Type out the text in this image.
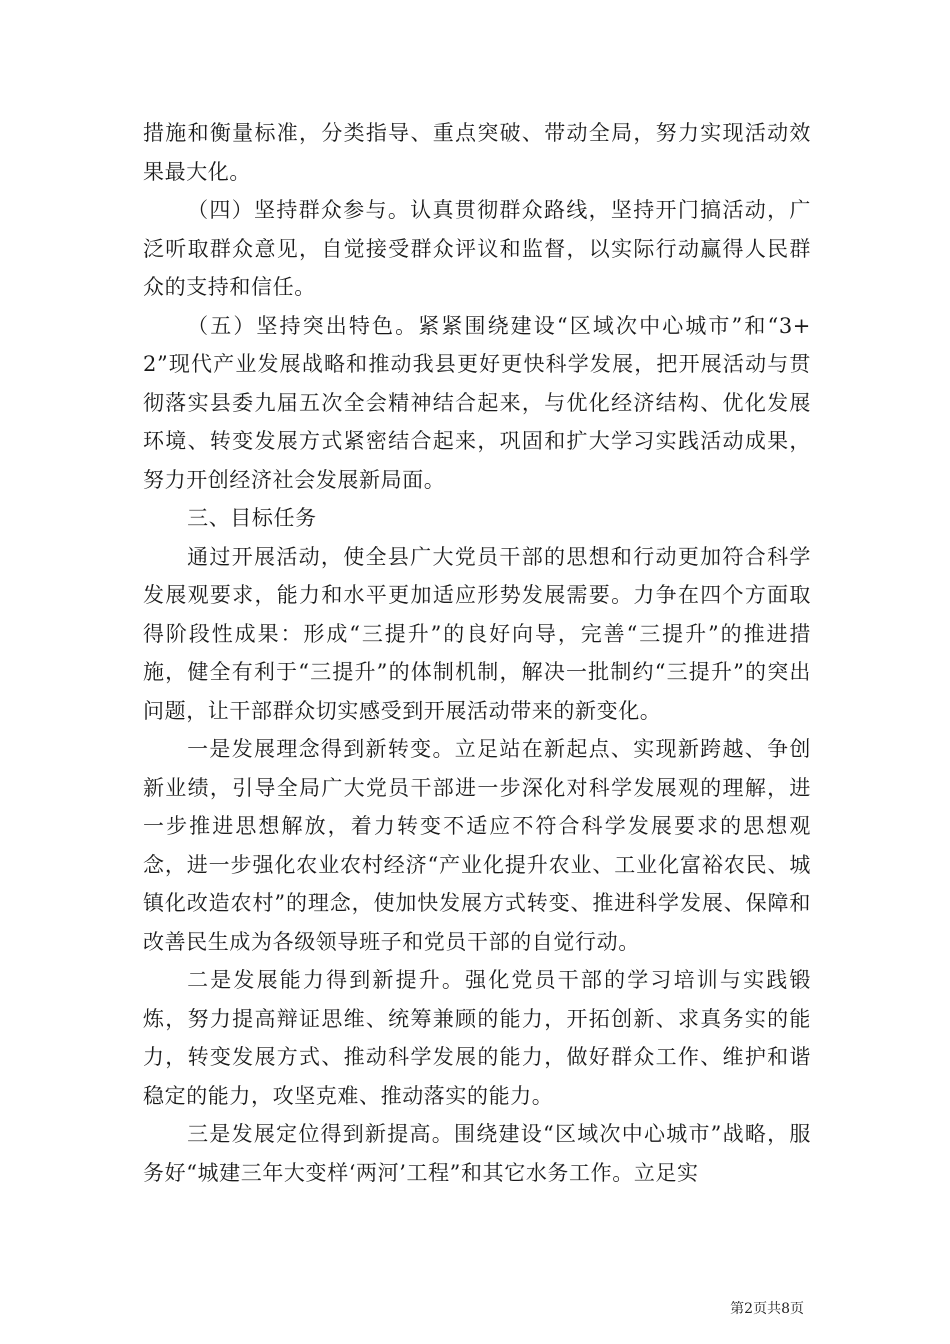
措施和衡量标准，分类指导、重点突破、带动全局，努力实现活动效果最大化。

（四）坚持群众参与。认真贯彻群众路线，坚持开门搞活动，广泛听取群众意见，自觉接受群众评议和监督，以实际行动赢得人民群众的支持和信任。

（五）坚持突出特色。紧紧围绕建设“区域次中心城市”和“3+2”现代产业发展战略和推动我县更好更快科学发展，把开展活动与贯彻落实县委九届五次全会精神结合起来，与优化经济结构、优化发展环境、转变发展方式紧密结合起来，巩固和扩大学习实践活动成果，努力开创经济社会发展新局面。

三、目标任务

通过开展活动，使全县广大党员干部的思想和行动更加符合科学发展观要求，能力和水平更加适应形势发展需要。力争在四个方面取得阶段性成果：形成“三提升”的良好向导，完善“三提升”的推进措施，健全有利于“三提升”的体制机制，解决一批制约“三提升”的突出问题，让干部群众切实感受到开展活动带来的新变化。

一是发展理念得到新转变。立足站在新起点、实现新跨越、争创新业绩，引导全局广大党员干部进一步深化对科学发展观的理解，进一步推进思想解放，着力转变不适应不符合科学发展要求的思想观念，进一步强化农业农村经济“产业化提升农业、工业化富裕农民、城镇化改造农村”的理念，使加快发展方式转变、推进科学发展、保障和改善民生成为各级领导班子和党员干部的自觉行动。

二是发展能力得到新提升。强化党员干部的学习培训与实践锻炼，努力提高辩证思维、统筹兼顾的能力，开拓创新、求真务实的能力，转变发展方式、推动科学发展的能力，做好群众工作、维护和谐稳定的能力，攻坚克难、推动落实的能力。

三是发展定位得到新提高。围绕建设“区域次中心城市”战略，服务好“城建三年大变样‘两河’工程”和其它水务工作。立足实

第2页共8页
